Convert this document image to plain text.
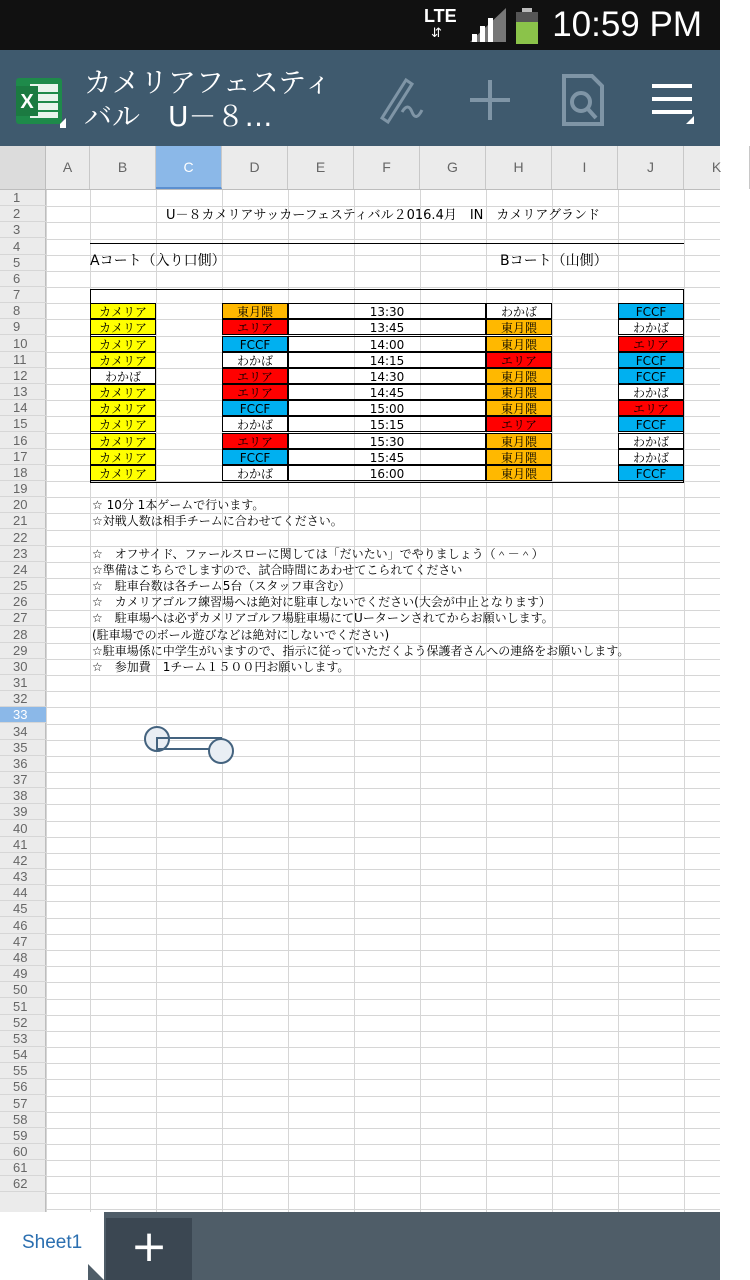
LTE
⇵	10:59 PM
X
カメリアフェスティバル　U－８…
A	B	C	D	E	F	G	H	I	J	K
1
2
3
4
5
6
7
8
9
10
11
12
13
14
15
16
17
18
19
20
21
22
23
24
25
26
27
28
29
30
31
32
33
34
35
36
37
38
39
40
41
42
43
44
45
46
47
48
49
50
51
52
53
54
55
56
57
58
59
60
61
62
U－８カメリアサッカーフェスティバル２016.4月　IN　カメリアグランド
Aコート（入り口側）	Bコート（山側）
カメリア	東月隈	13:30	わかば	FCCF
カメリア	エリア	13:45	東月隈	わかば
カメリア	FCCF	14:00	東月隈	エリア
カメリア	わかば	14:15	エリア	FCCF
わかば	エリア	14:30	東月隈	FCCF
カメリア	エリア	14:45	東月隈	わかば
カメリア	FCCF	15:00	東月隈	エリア
カメリア	わかば	15:15	エリア	FCCF
カメリア	エリア	15:30	東月隈	わかば
カメリア	FCCF	15:45	東月隈	わかば
カメリア	わかば	16:00	東月隈	FCCF
☆ 10分 1本ゲームで行います。
☆対戦人数は相手チームに合わせてください。
☆　オフサイド、ファールスローに関しては「だいたい」でやりましょう（＾－＾）
☆準備はこちらでしますので、試合時間にあわせてこられてください
☆　駐車台数は各チーム5台（スタッフ車含む）
☆　カメリアゴルフ練習場へは絶対に駐車しないでください(大会が中止となります）
☆　駐車場へは必ずカメリアゴルフ場駐車場にてUーターンされてからお願いします。
(駐車場でのボール遊びなどは絶対にしないでください)
☆駐車場係に中学生がいますので、指示に従っていただくよう保護者さんへの連絡をお願いします。
☆　参加費　1チーム１５００円お願いします。
Sheet1	+
